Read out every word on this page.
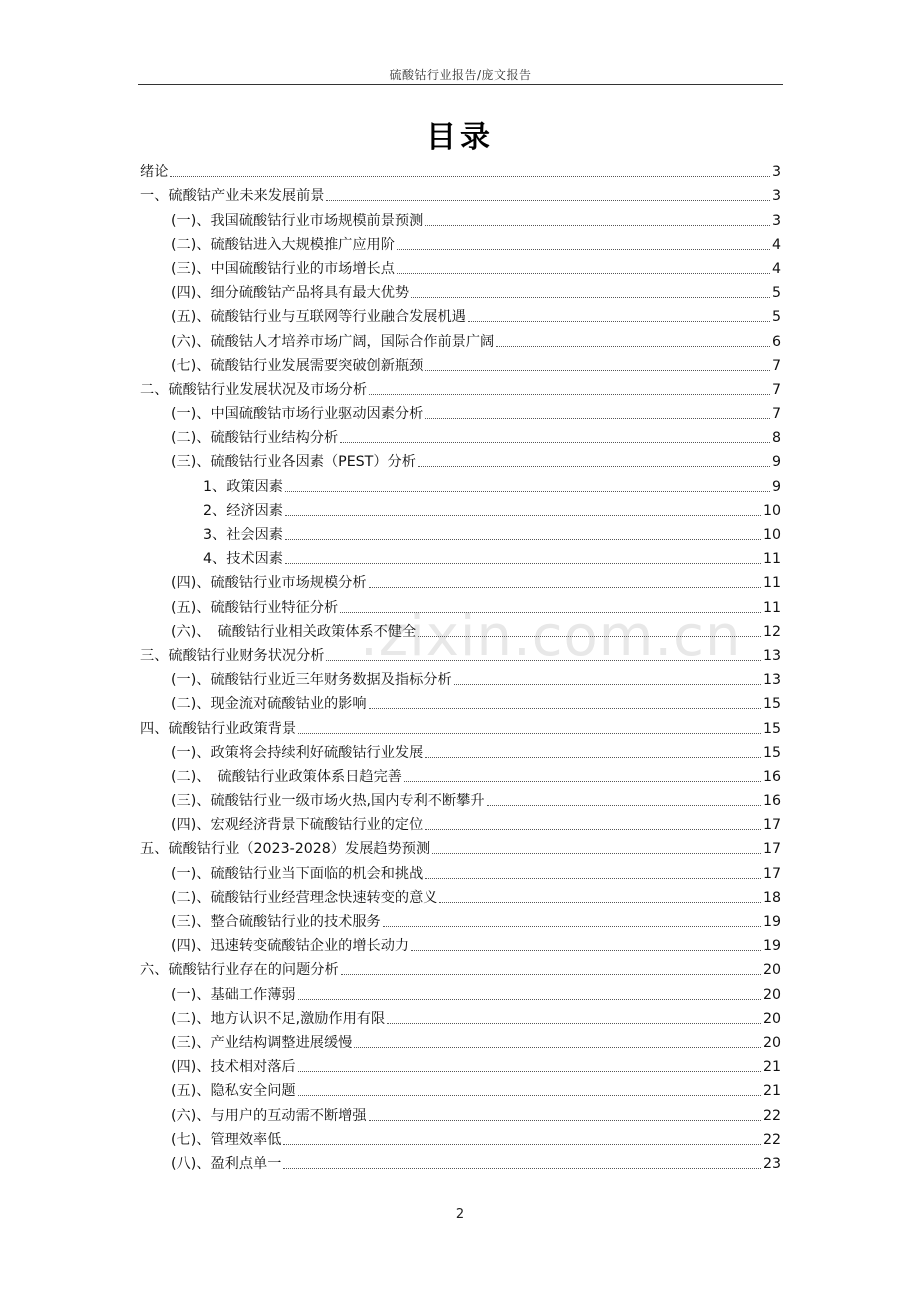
硫酸钴行业报告/庞文报告
目录
.zixin.com.cn
绪论	3
一、硫酸钴产业未来发展前景	3
(一)、我国硫酸钴行业市场规模前景预测	3
(二)、硫酸钴进入大规模推广应用阶	4
(三)、中国硫酸钴行业的市场增长点	4
(四)、细分硫酸钴产品将具有最大优势	5
(五)、硫酸钴行业与互联网等行业融合发展机遇	5
(六)、硫酸钴人才培养市场广阔，国际合作前景广阔	6
(七)、硫酸钴行业发展需要突破创新瓶颈	7
二、硫酸钴行业发展状况及市场分析	7
(一)、中国硫酸钴市场行业驱动因素分析	7
(二)、硫酸钴行业结构分析	8
(三)、硫酸钴行业各因素（PEST）分析	9
1、政策因素	9
2、经济因素	10
3、社会因素	10
4、技术因素	11
(四)、硫酸钴行业市场规模分析	11
(五)、硫酸钴行业特征分析	11
(六)、　硫酸钴行业相关政策体系不健全	12
三、硫酸钴行业财务状况分析	13
(一)、硫酸钴行业近三年财务数据及指标分析	13
(二)、现金流对硫酸钴业的影响	15
四、硫酸钴行业政策背景	15
(一)、政策将会持续利好硫酸钴行业发展	15
(二)、　硫酸钴行业政策体系日趋完善	16
(三)、硫酸钴行业一级市场火热,国内专利不断攀升	16
(四)、宏观经济背景下硫酸钴行业的定位	17
五、硫酸钴行业（2023-2028）发展趋势预测	17
(一)、硫酸钴行业当下面临的机会和挑战	17
(二)、硫酸钴行业经营理念快速转变的意义	18
(三)、整合硫酸钴行业的技术服务	19
(四)、迅速转变硫酸钴企业的增长动力	19
六、硫酸钴行业存在的问题分析	20
(一)、基础工作薄弱	20
(二)、地方认识不足,激励作用有限	20
(三)、产业结构调整进展缓慢	20
(四)、技术相对落后	21
(五)、隐私安全问题	21
(六)、与用户的互动需不断增强	22
(七)、管理效率低	22
(八)、盈利点单一	23
2
